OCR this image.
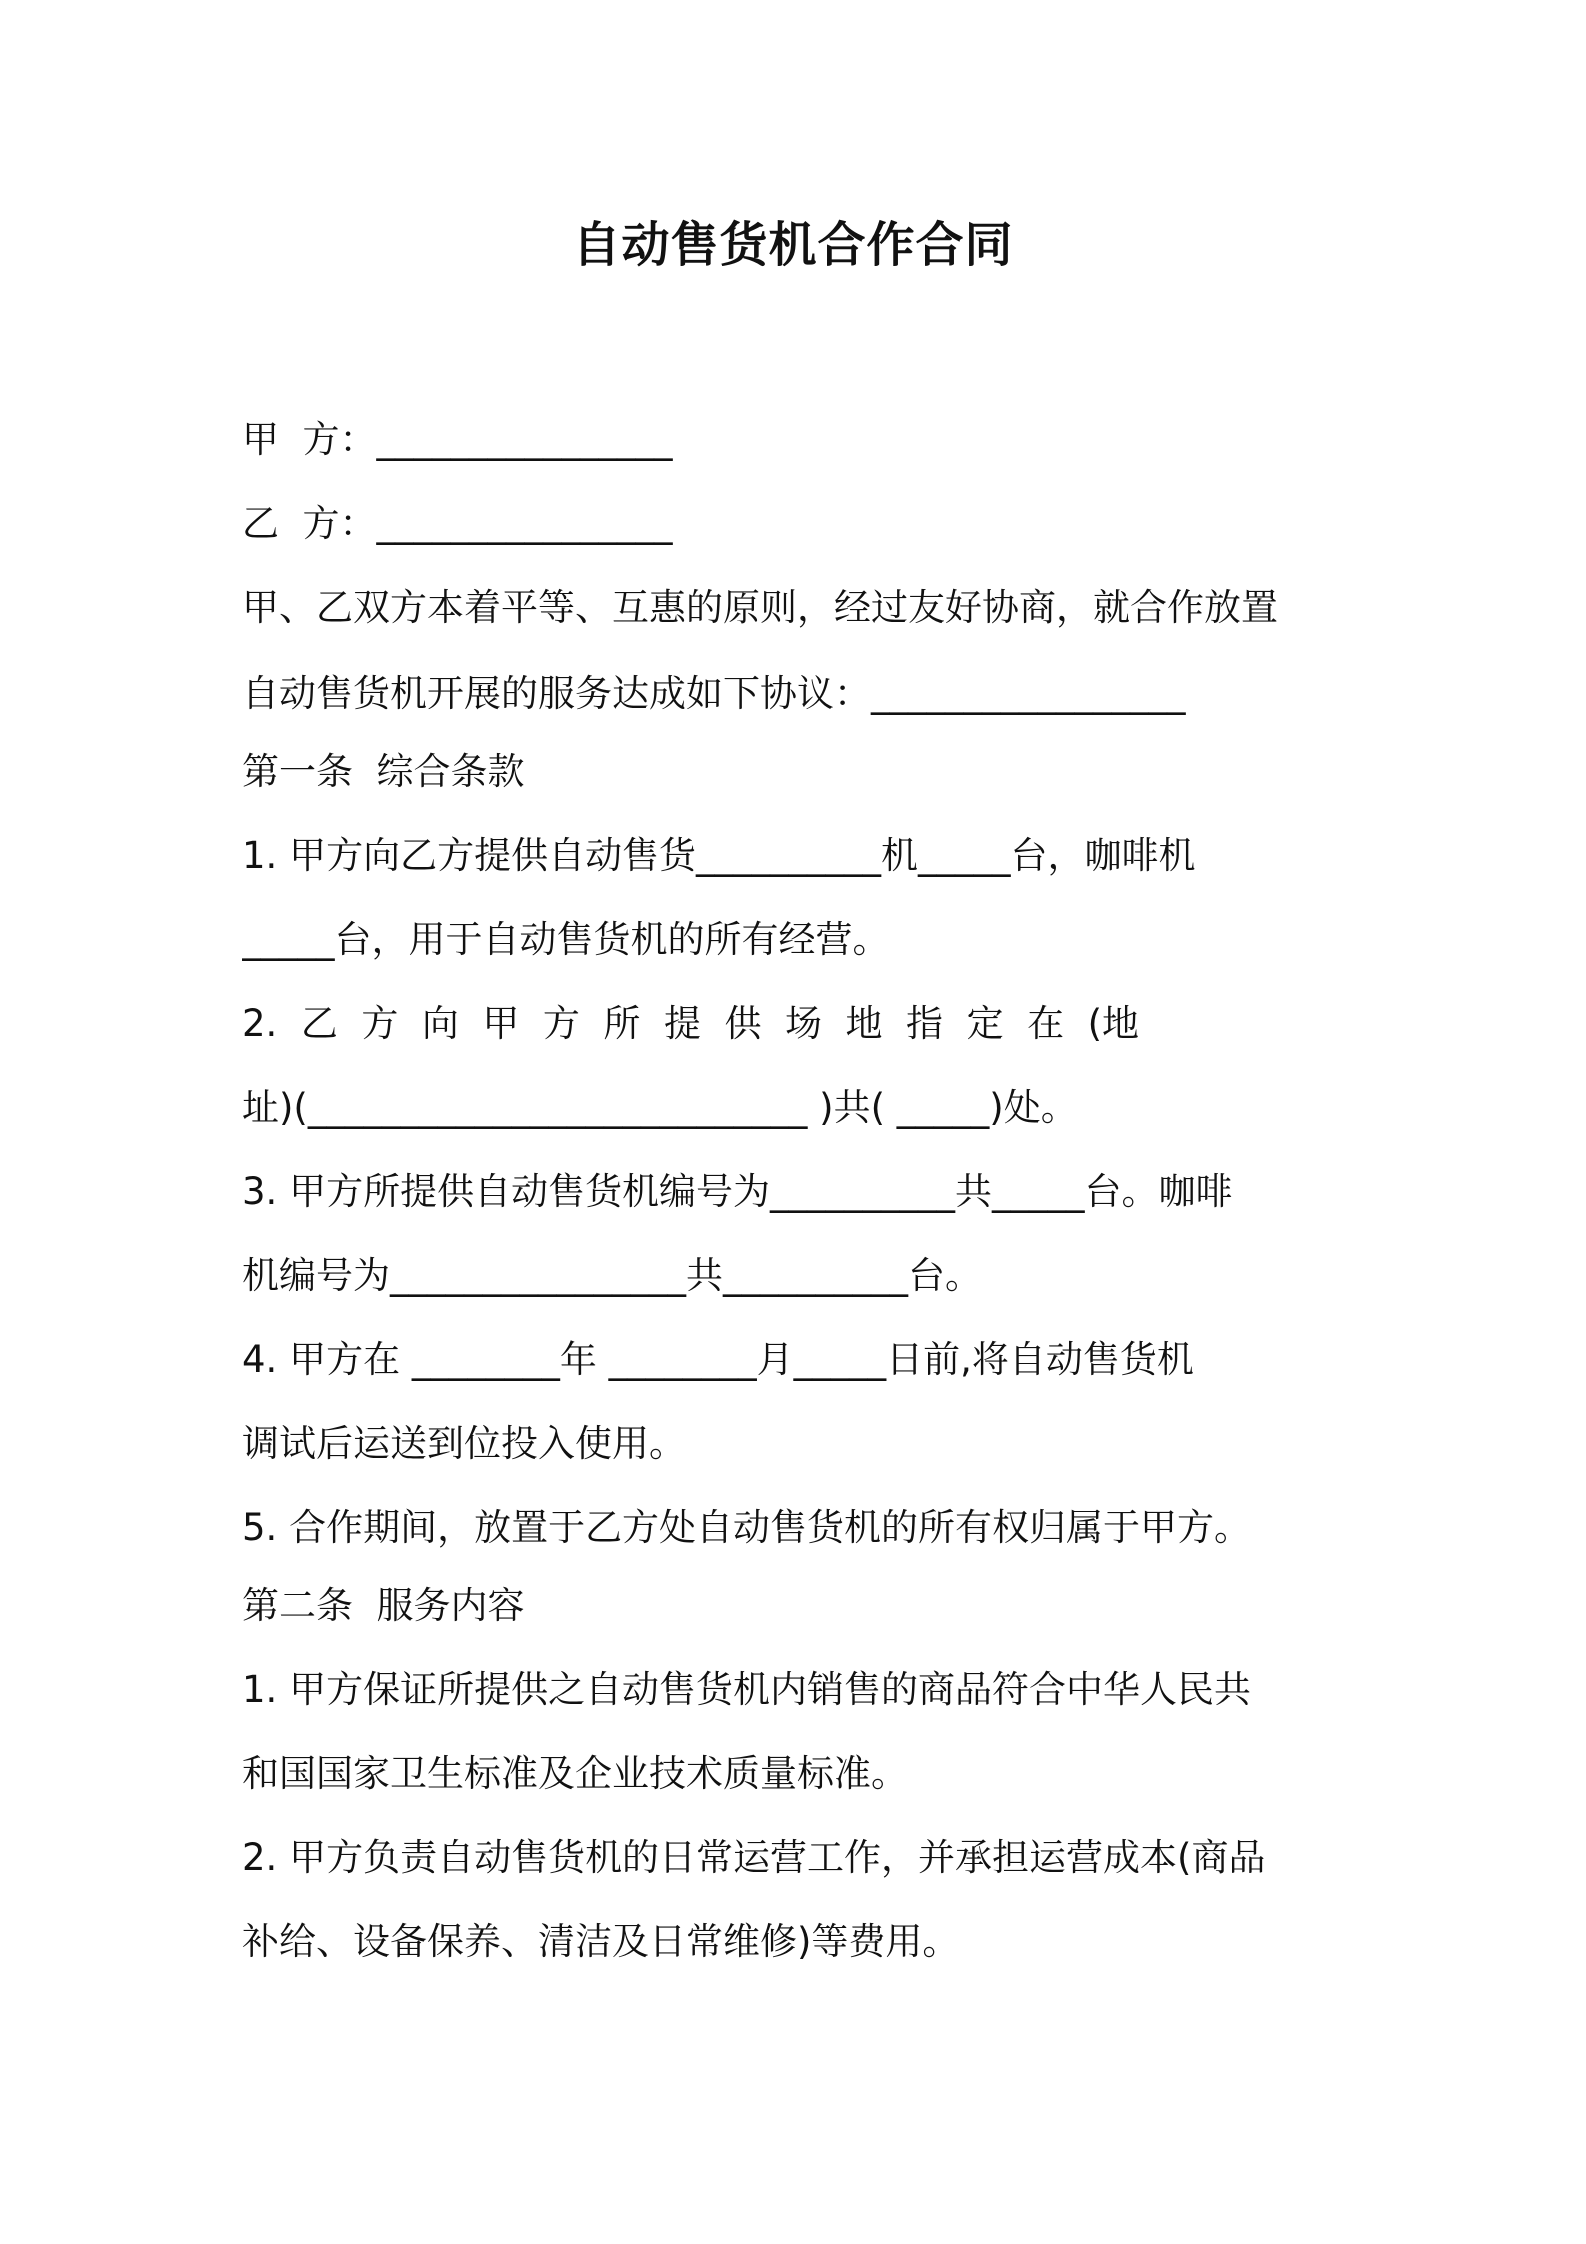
自动售货机合作合同
甲  方：________________
乙  方：________________
甲、乙双方本着平等、互惠的原则，经过友好协商，就合作放置
自动售货机开展的服务达成如下协议：_________________
第一条  综合条款
1. 甲方向乙方提供自动售货__________机_____台，咖啡机
_____台，用于自动售货机的所有经营。
2.  乙  方  向  甲  方  所  提  供  场  地  指  定  在  (地
址)(___________________________ )共( _____)处。
3. 甲方所提供自动售货机编号为__________共_____台。咖啡
机编号为________________共__________台。
4. 甲方在 ________年 ________月_____日前,将自动售货机
调试后运送到位投入使用。
5. 合作期间，放置于乙方处自动售货机的所有权归属于甲方。
第二条  服务内容
1. 甲方保证所提供之自动售货机内销售的商品符合中华人民共
和国国家卫生标准及企业技术质量标准。
2. 甲方负责自动售货机的日常运营工作，并承担运营成本(商品
补给、设备保养、清洁及日常维修)等费用。
